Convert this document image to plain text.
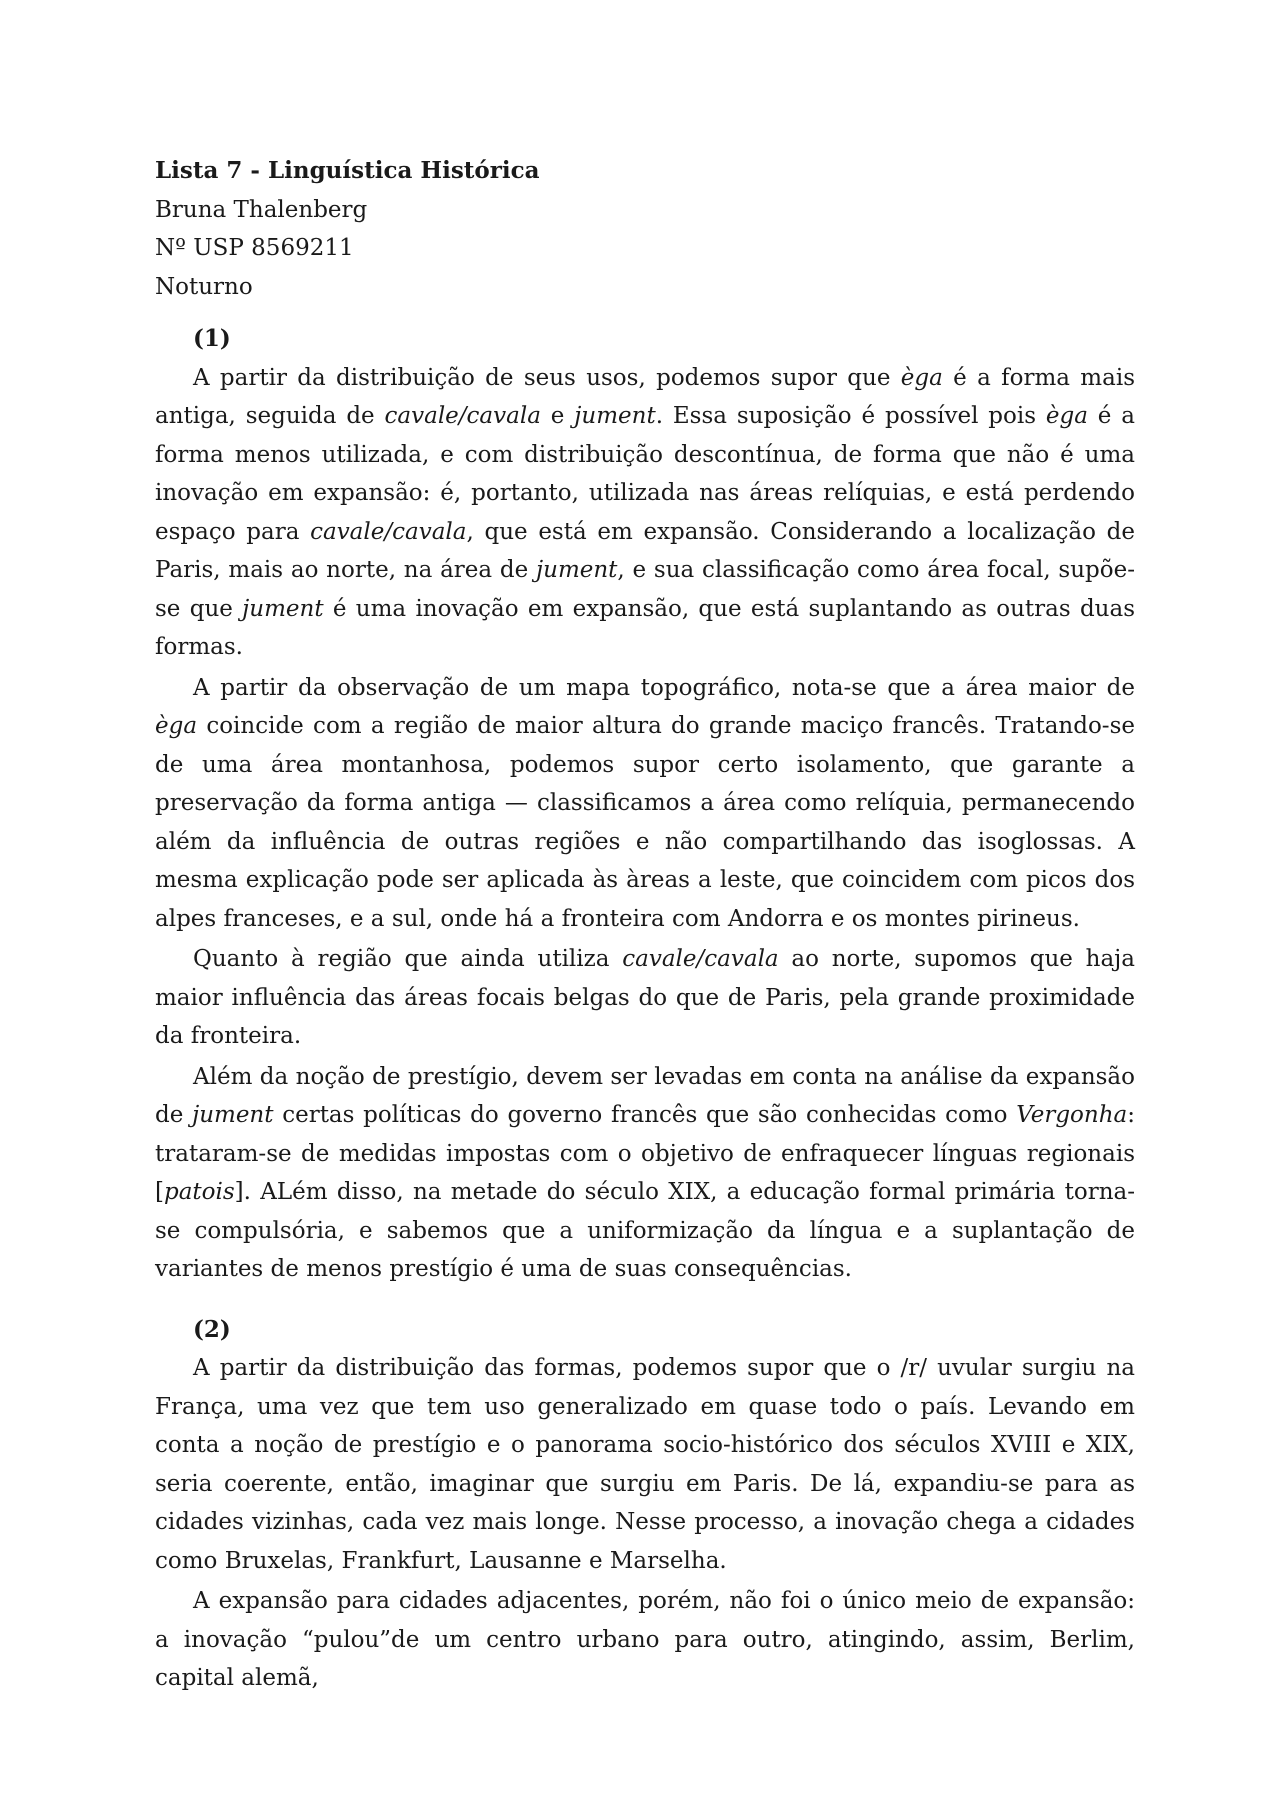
Lista 7 - Linguística Histórica

Bruna Thalenberg

Nº USP 8569211

Noturno

(1)

A partir da distribuição de seus usos, podemos supor que èga é a forma mais antiga, seguida de cavale/cavala e jument. Essa suposição é possível pois èga é a forma menos utilizada, e com distribuição descontínua, de forma que não é uma inovação em expansão: é, portanto, utilizada nas áreas relíquias, e está perdendo espaço para cavale/cavala, que está em expansão. Considerando a localização de Paris, mais ao norte, na área de jument, e sua classificação como área focal, supõe-se que jument é uma inovação em expansão, que está suplantando as outras duas formas.

A partir da observação de um mapa topográfico, nota-se que a área maior de èga coincide com a região de maior altura do grande maciço francês. Tratando-se de uma área montanhosa, podemos supor certo isolamento, que garante a preservação da forma antiga — classificamos a área como relíquia, permanecendo além da influência de outras regiões e não compartilhando das isoglossas. A mesma explicação pode ser aplicada às àreas a leste, que coincidem com picos dos alpes franceses, e a sul, onde há a fronteira com Andorra e os montes pirineus.

Quanto à região que ainda utiliza cavale/cavala ao norte, supomos que haja maior influência das áreas focais belgas do que de Paris, pela grande proximidade da fronteira.

Além da noção de prestígio, devem ser levadas em conta na análise da expansão de jument certas políticas do governo francês que são conhecidas como Vergonha: trataram-se de medidas impostas com o objetivo de enfraquecer línguas regionais [patois]. ALém disso, na metade do século XIX, a educação formal primária torna-se compulsória, e sabemos que a uniformização da língua e a suplantação de variantes de menos prestígio é uma de suas consequências.

(2)

A partir da distribuição das formas, podemos supor que o /r/ uvular surgiu na França, uma vez que tem uso generalizado em quase todo o país. Levando em conta a noção de prestígio e o panorama socio-histórico dos séculos XVIII e XIX, seria coerente, então, imaginar que surgiu em Paris. De lá, expandiu-se para as cidades vizinhas, cada vez mais longe. Nesse processo, a inovação chega a cidades como Bruxelas, Frankfurt, Lausanne e Marselha.

A expansão para cidades adjacentes, porém, não foi o único meio de expansão: a inovação “pulou”de um centro urbano para outro, atingindo, assim, Berlim, capital alemã,
